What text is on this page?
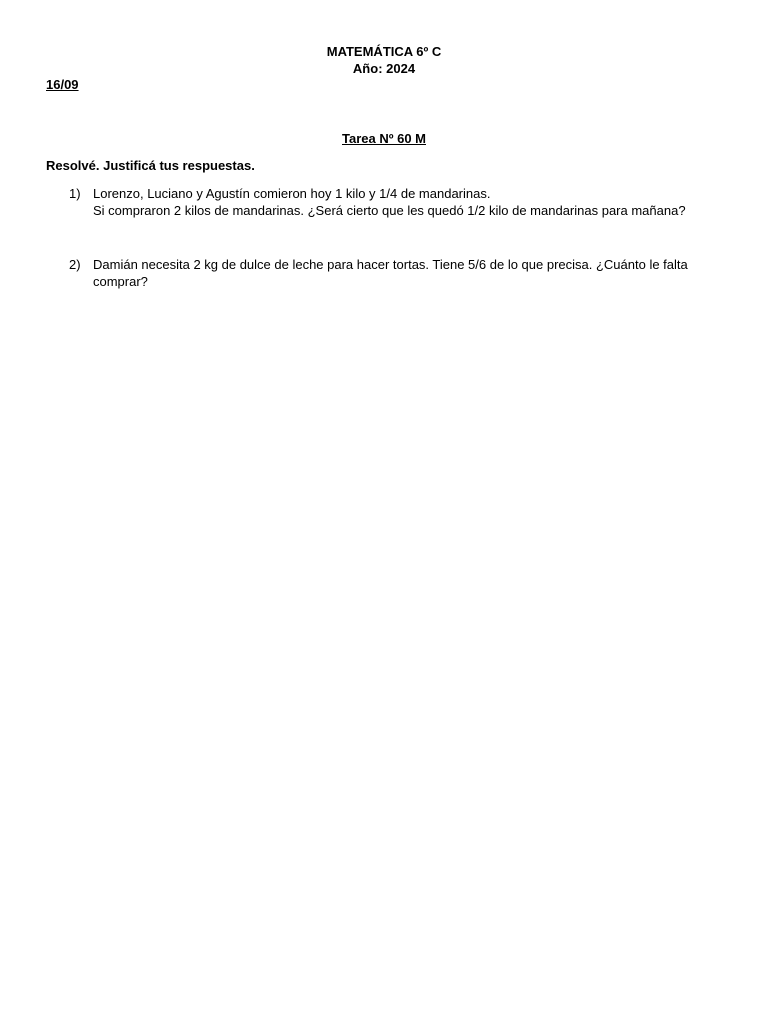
MATEMÁTICA 6º C
Año: 2024
16/09
Tarea Nº 60 M
Resolvé. Justificá tus respuestas.
1) Lorenzo, Luciano y Agustín comieron hoy 1 kilo y 1/4 de mandarinas.
Si compraron 2 kilos de mandarinas. ¿Será cierto que les quedó 1/2 kilo de mandarinas para mañana?
2) Damián necesita 2 kg de dulce de leche para hacer tortas. Tiene 5/6 de lo que precisa. ¿Cuánto le falta
comprar?
